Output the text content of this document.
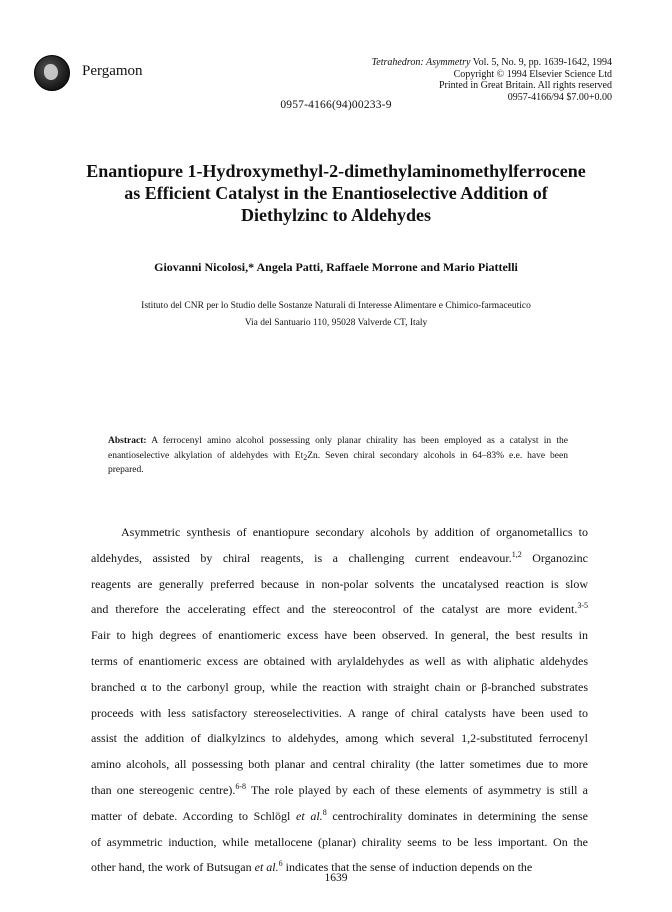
Pergamon
Tetrahedron: Asymmetry Vol. 5, No. 9, pp. 1639-1642, 1994
Copyright © 1994 Elsevier Science Ltd
Printed in Great Britain. All rights reserved
0957-4166/94 $7.00+0.00
0957-4166(94)00233-9
Enantiopure 1-Hydroxymethyl-2-dimethylaminomethylferrocene
as Efficient Catalyst in the Enantioselective Addition of
Diethylzinc to Aldehydes
Giovanni Nicolosi,* Angela Patti, Raffaele Morrone and Mario Piattelli
Istituto del CNR per lo Studio delle Sostanze Naturali di Interesse Alimentare e Chimico-farmaceutico
Via del Santuario 110, 95028 Valverde CT, Italy
Abstract: A ferrocenyl amino alcohol possessing only planar chirality has been employed as a catalyst in the enantioselective alkylation of aldehydes with $Et_2Zn$. Seven chiral secondary alcohols in 64–83% e.e. have been prepared.
Asymmetric synthesis of enantiopure secondary alcohols by addition of organometallics to
aldehydes, assisted by chiral reagents, is a challenging current endeavour.$^{1,2}$ Organozinc
reagents are generally preferred because in non-polar solvents the uncatalysed reaction is slow
and therefore the accelerating effect and the stereocontrol of the catalyst are more evident.$^{3-5}$
Fair to high degrees of enantiomeric excess have been observed. In general, the best results in
terms of enantiomeric excess are obtained with arylaldehydes as well as with aliphatic aldehydes
branched α to the carbonyl group, while the reaction with straight chain or β-branched substrates
proceeds with less satisfactory stereoselectivities. A range of chiral catalysts have been used to
assist the addition of dialkylzincs to aldehydes, among which several 1,2-substituted ferrocenyl
amino alcohols, all possessing both planar and central chirality (the latter sometimes due to more
than one stereogenic centre).$^{6-8}$ The role played by each of these elements of asymmetry is still a
matter of debate. According to Schlögl et al.$^8$ centrochirality dominates in determining the sense
of asymmetric induction, while metallocene (planar) chirality seems to be less important. On the
other hand, the work of Butsugan et al.$^6$ indicates that the sense of induction depends on the
1639
